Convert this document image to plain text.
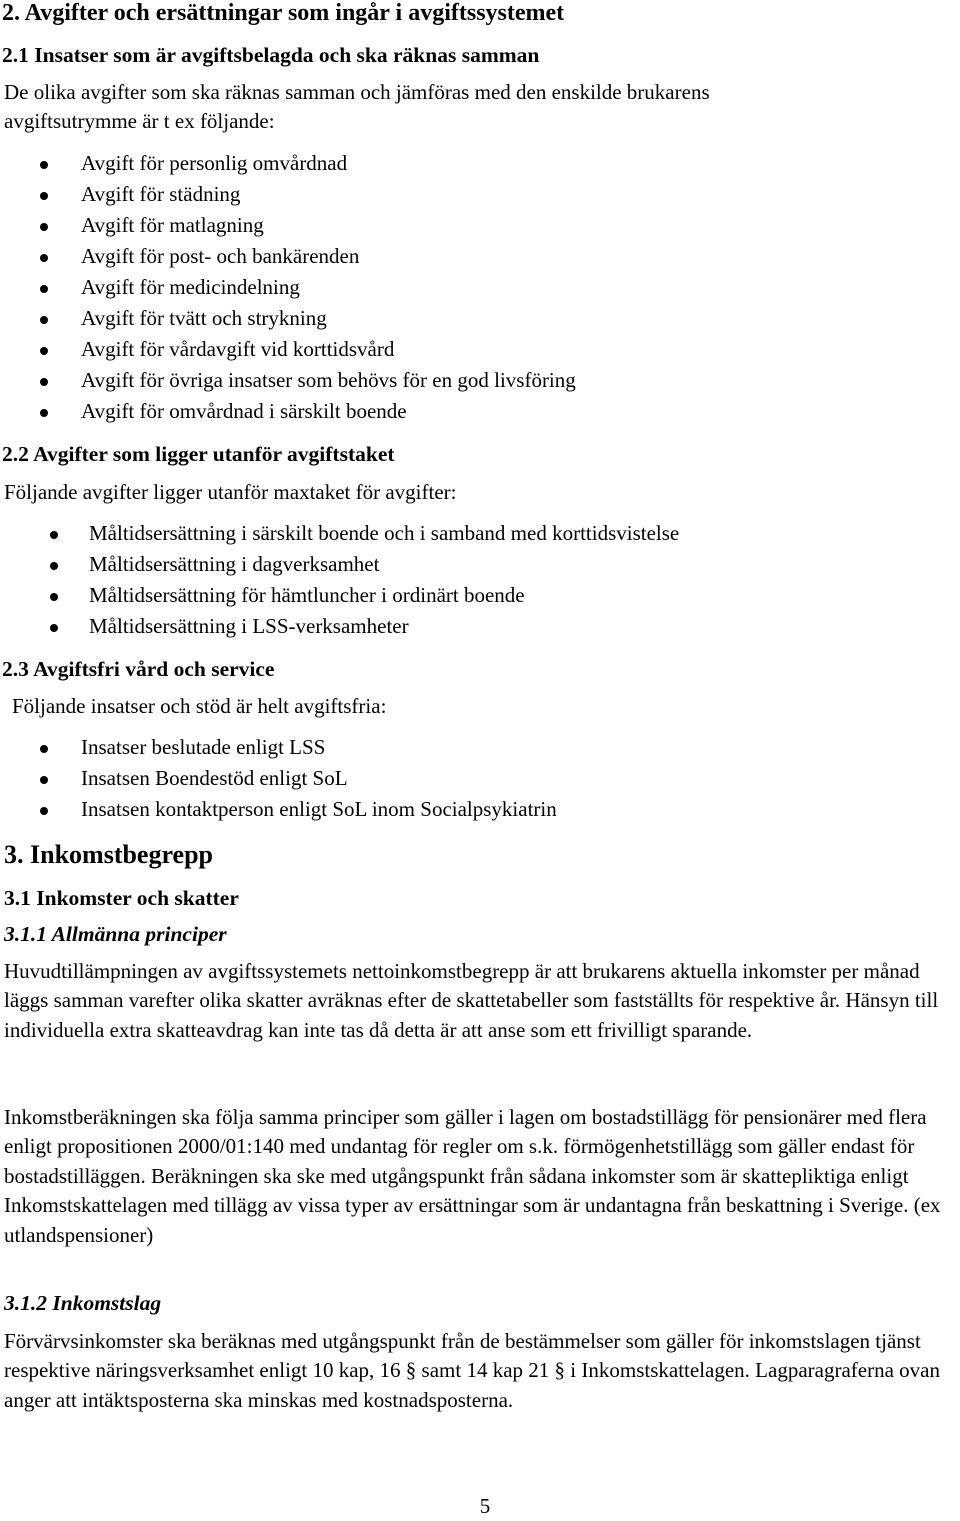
2. Avgifter och ersättningar som ingår i avgiftssystemet
2.1 Insatser som är avgiftsbelagda och ska räknas samman
De olika avgifter som ska räknas samman och jämföras med den enskilde brukarens
avgiftsutrymme är t ex följande:
Avgift för personlig omvårdnad
Avgift för städning
Avgift för matlagning
Avgift för post- och bankärenden
Avgift för medicindelning
Avgift för tvätt och strykning
Avgift för vårdavgift vid korttidsvård
Avgift för övriga insatser som behövs för en god livsföring
Avgift för omvårdnad i särskilt boende
2.2 Avgifter som ligger utanför avgiftstaket
Följande avgifter ligger utanför maxtaket för avgifter:
Måltidsersättning i särskilt boende och i samband med korttidsvistelse
Måltidsersättning i dagverksamhet
Måltidsersättning för hämtluncher i ordinärt boende
Måltidsersättning i LSS-verksamheter
2.3 Avgiftsfri vård och service
Följande insatser och stöd är helt avgiftsfria:
Insatser beslutade enligt LSS
Insatsen Boendestöd enligt SoL
Insatsen kontaktperson enligt SoL inom Socialpsykiatrin
3. Inkomstbegrepp
3.1 Inkomster och skatter
3.1.1 Allmänna principer
Huvudtillämpningen av avgiftssystemets nettoinkomstbegrepp är att brukarens aktuella inkomster per månad läggs samman varefter olika skatter avräknas efter de skattetabeller som fastställts för respektive år. Hänsyn till individuella extra skatteavdrag kan inte tas då detta är att anse som ett frivilligt sparande.
Inkomstberäkningen ska följa samma principer som gäller i lagen om bostadstillägg för pensionärer med flera enligt propositionen 2000/01:140 med undantag för regler om s.k. förmögenhetstillägg som gäller endast för bostadstilläggen. Beräkningen ska ske med utgångspunkt från sådana inkomster som är skattepliktiga enligt Inkomstskattelagen med tillägg av vissa typer av ersättningar som är undantagna från beskattning i Sverige. (ex utlandspensioner)
3.1.2 Inkomstslag
Förvärvsinkomster ska beräknas med utgångspunkt från de bestämmelser som gäller för inkomstslagen tjänst respektive näringsverksamhet enligt 10 kap, 16 § samt 14 kap 21 § i Inkomstskattelagen. Lagparagraferna ovan anger att intäktsposterna ska minskas med kostnadsposterna.
5
